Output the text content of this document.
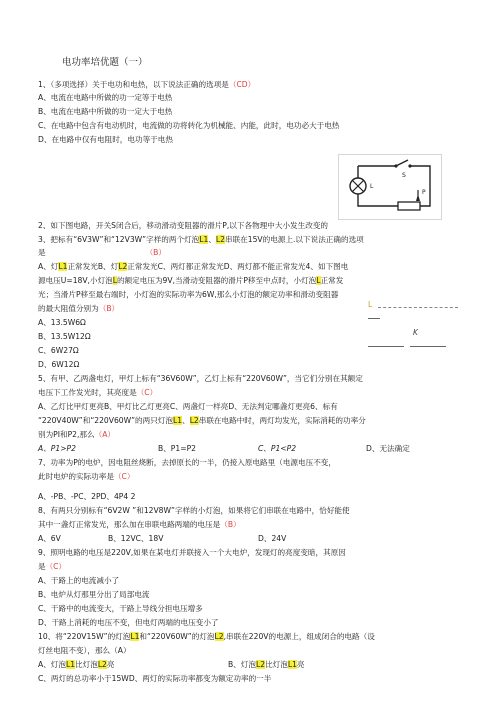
电功率培优题（一）
1、（多项选择）关于电功和电热，以下说法正确的选项是（CD）
A、电流在电路中所做的功一定等于电热
B、电流在电路中所做的功一定大于电热
C、在电路中包含有电动机时，电流做的功将转化为机械能、内能，此时，电功必大于电热
D、在电路中仅有电阻时，电功等于电热
S
L
P
2、如下图电路，开关S闭合后，移动滑动变阻器的滑片P,以下各物理中大小发生改变的
3、把标有“6V3W”和“12V3W”字样的两个灯泡L1、L2串联在15V的电源上.以下说法正确的选项
是	（B）
A、灯L1正常发光B、灯L2正常发光C、两灯都正常发光D、两灯都不能正常发光4、如下图电
源电压U=18V,小灯泡L的额定电压为9V,当滑动变阻器的滑片P移至中点时，小灯泡L正常发
光；当滑片P移至最右端时，小灯泡的实际功率为6W,那么小灯泡的额定功率和滑动变阻器
的最大阻值分别为（B）
A、13.5W6Ω
B、13.5W12Ω
C、6W27Ω
D、6W12Ω
L
K
5、有甲、乙两盏电灯，甲灯上标有“36V60W”，乙灯上标有“220V60W”，当它们分别在其额定
电压下工作发光时，其亮度是（C）
A、乙灯比甲灯更亮B、甲灯比乙灯更亮C、两盏灯一样亮D、无法判定哪盏灯更亮6、标有
“220V40W”和“220V60W”的两只灯泡L1、L2串联在电路中时，两灯均发光，实际消耗的功率分
别为PI和P2,那么（A）
A、P1>P2	B、P1=P2	C、P1<P2	D、无法确定
7、功率为P的电炉，因电阻丝烧断，去掉原长的一半，仍接入原电路里（电源电压不变，
此时电炉的实际功率是（C）
A、-PB、-PC、2PD、4P4 2
8、有两只分别标有“6V2W ”和12V8W”字样的小灯泡，如果将它们串联在电路中，恰好能使
其中一盏灯正常发光，那么加在串联电路两端的电压是（B）
A、6V	B、12VC、18V	D、24V
9、照明电路的电压是220V,如果在某电灯并联接入一个大电炉，发现灯的亮度变暗，其原因
是（C）
A、干路上的电流减小了
B、电炉从灯那里分出了局部电流
C、干路中的电流变大，干路上导线分担电压增多
D、干路上消耗的电压不变，但电灯两端的电压变小了
10、将“220V15W”的灯泡L1和“220V60W”的灯泡L2,串联在220V的电源上，组成闭合的电路（设
灯丝电阻不变），那么（A）
A、灯泡L1比灯泡L2亮	B、灯泡L2比灯泡L1亮
C、两灯的总功率小于15WD、两灯的实际功率都变为额定功率的一半
